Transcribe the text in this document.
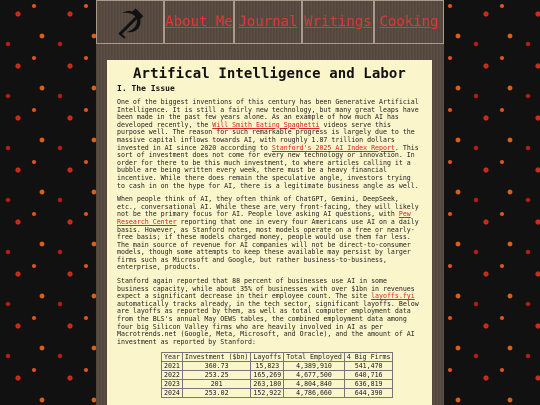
About Me Journal Writings Cooking
Artifical Intelligence and Labor
I. The Issue

One of the biggest inventions of this century has been Generative Artificial Intelligence. It is still a fairly new technology, but many great leaps have been made in the past few years alone. As an example of how much AI has developed recently, the Will Smith Eating Spaghetti videos serve this purpose well. The reason for such remarkable progress is largely due to the massive capital inflows towards AI, with roughly 1.87 trillion dollars invested in AI since 2020 according to Stanford's 2025 AI Index Report. This sort of investment does not come for every new technology or innovation. In order for there to be this much investment, to where articles calling it a bubble are being written every week, there must be a heavy financial incentive. While there does remain the speculative angle, investors trying to cash in on the hype for AI, there is a legitimate business angle as well.

When people think of AI, they often think of ChatGPT, Gemini, DeepSeek, etc., conversational AI. While these are very front-facing, they will likely not be the primary focus for AI. People love asking AI questions, with Pew Research Center reporting that one in every four Americans use AI on a daily basis. However, as Stanford notes, most models operate on a free or nearly-free basis; if these models charged money, people would use them far less. The main source of revenue for AI companies will not be direct-to-consumer models, though some attempts to keep these available may persist by larger firms such as Microsoft and Google, but rather business-to-business, enterprise, products.

Stanford again reported that 88 percent of businesses use AI in some business capacity, while about 35% of businesses with over $1bn in revenues expect a significant decrease in their employee count. The site layoffs.fyi automatically tracks already, in the tech sector, significant layoffs. Below are layoffs as reported by them, as well as total computer employment data from the BLS's annual May OEWS tables, the combined employment data among four big Silicon Valley firms who are heavily involved in AI as per Macrotrends.net (Google, Meta, Microsoft, and Oracle), and the amount of AI investment as reported by Stanford:

Year	Investment ($bn)	Layoffs	Total Employed	4 Big Firms
2021	360.73	15,823	4,389,910	541,470
2022	253.25	165,269	4,677,500	640,716
2023	201	263,180	4,804,840	636,819
2024	253.02	152,922	4,786,660	644,390
